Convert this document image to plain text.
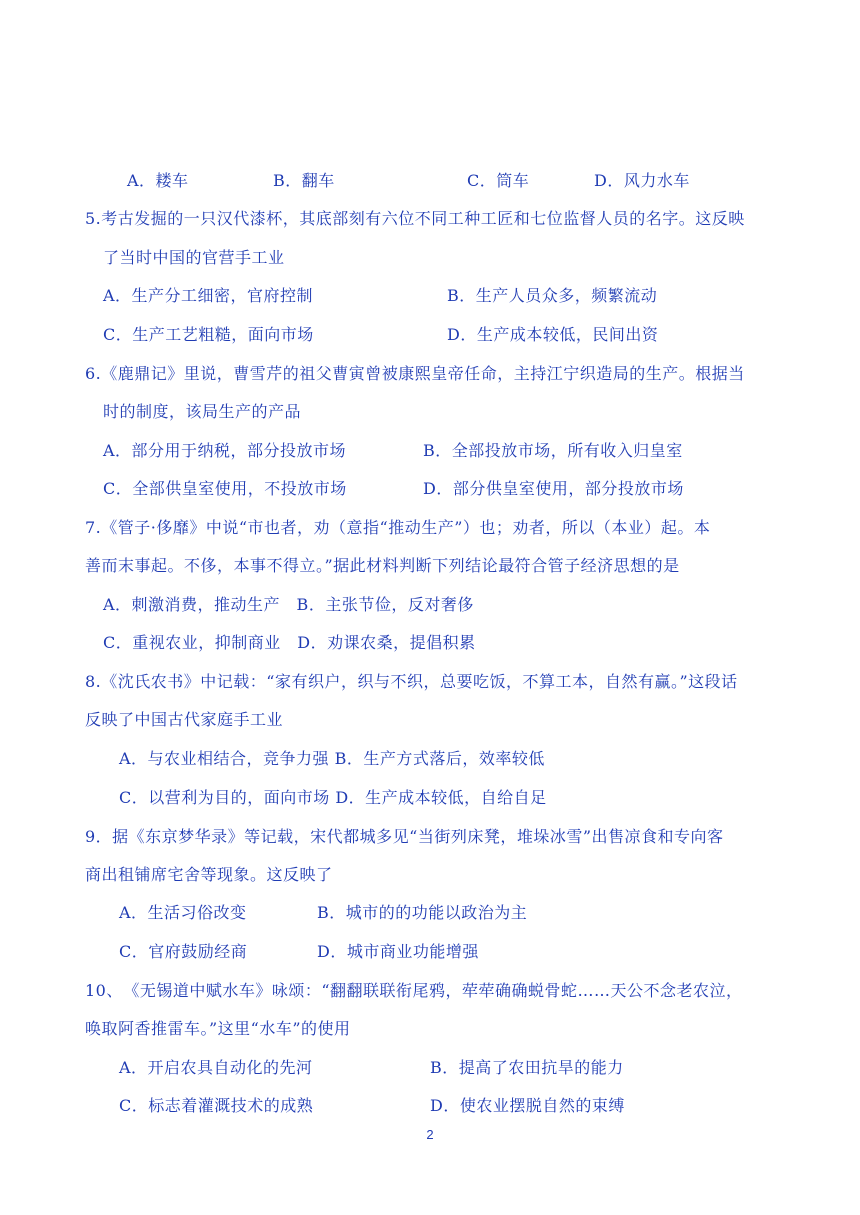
A．耧车	B．翻车	C．筒车	D．风力水车
5.考古发掘的一只汉代漆杯，其底部刻有六位不同工种工匠和七位监督人员的名字。这反映
了当时中国的官营手工业
A．生产分工细密，官府控制	B．生产人员众多，频繁流动
C．生产工艺粗糙，面向市场	D．生产成本较低，民间出资
6.《鹿鼎记》里说，曹雪芹的祖父曹寅曾被康熙皇帝任命，主持江宁织造局的生产。根据当
时的制度，该局生产的产品
A．部分用于纳税，部分投放市场	B．全部投放市场，所有收入归皇室
C．全部供皇室使用，不投放市场	D．部分供皇室使用，部分投放市场
7.《管子·侈靡》中说“市也者，劝（意指“推动生产”）也；劝者，所以（本业）起。本
善而末事起。不侈，本事不得立。”据此材料判断下列结论最符合管子经济思想的是
A．刺激消费，推动生产　B．主张节俭，反对奢侈
C．重视农业，抑制商业　D．劝课农桑，提倡积累
8.《沈氏农书》中记载：“家有织户，织与不织，总要吃饭，不算工本，自然有赢。”这段话
反映了中国古代家庭手工业
A．与农业相结合，竞争力强 B．生产方式落后，效率较低
C．以营利为目的，面向市场 D．生产成本较低，自给自足
9．据《东京梦华录》等记载，宋代都城多见“当街列床凳，堆垛冰雪”出售凉食和专向客
商出租铺席宅舍等现象。这反映了
A．生活习俗改变	B．城市的的功能以政治为主
C．官府鼓励经商	D．城市商业功能增强
10、　《无锡道中赋水车》咏颂：“翻翻联联衔尾鸦，荦荦确确蜕骨蛇……天公不念老农泣，
唤取阿香推雷车。”这里“水车”的使用
A．开启农具自动化的先河	B．提高了农田抗旱的能力
C．标志着灌溉技术的成熟	D．使农业摆脱自然的束缚
2
